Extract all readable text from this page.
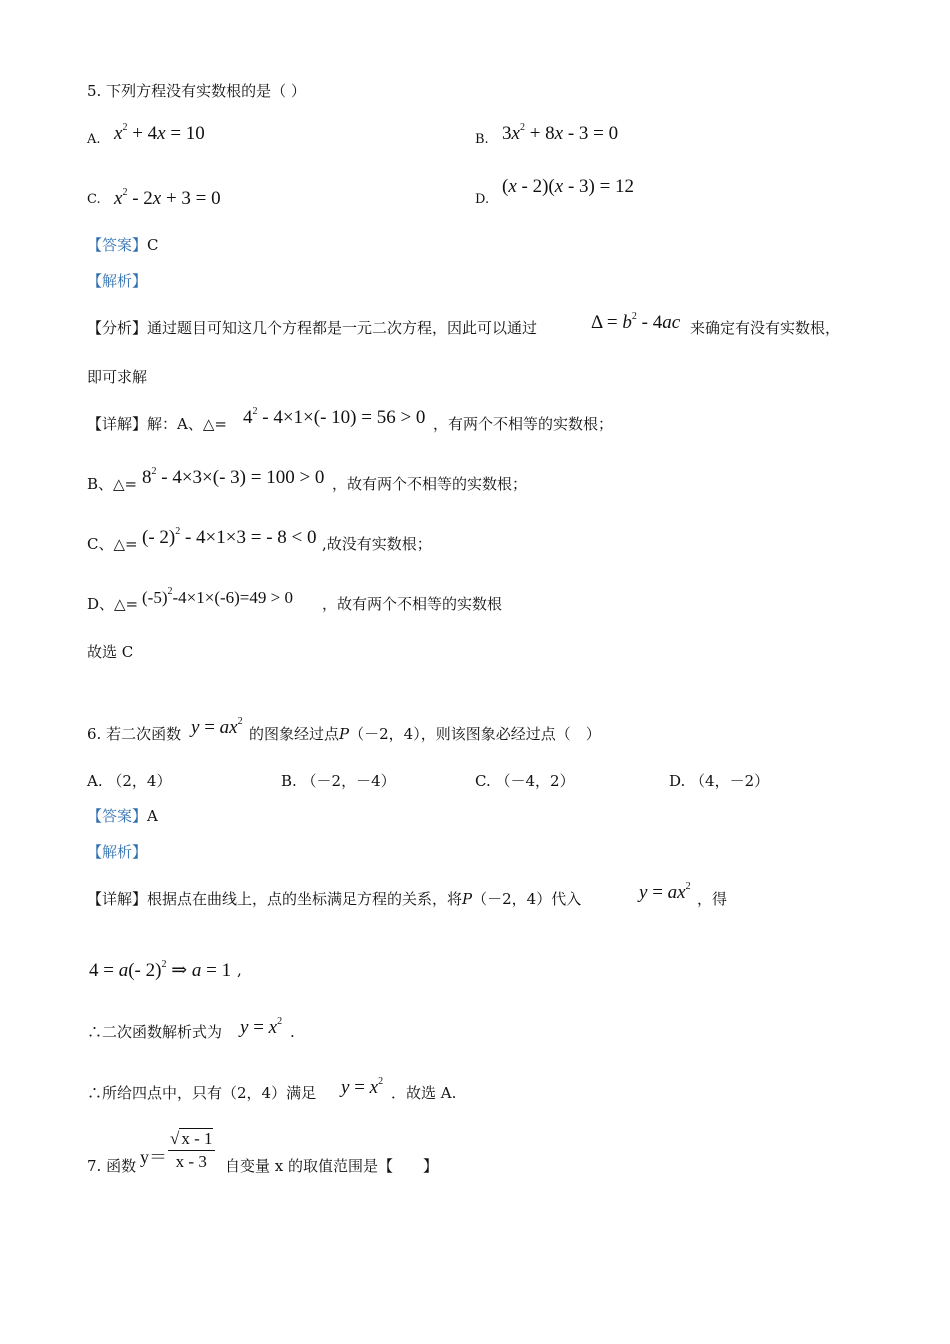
5. 下列方程没有实数根的是（ ）
A. $x^2 + 4x = 10$	B. $3x^2 + 8x - 3 = 0$
C. $x^2 - 2x + 3 = 0$	D.
(x - 2)(x - 3) = 12
【答案】C
【解析】
【分析】通过题目可知这几个方程都是一元二次方程，因此可以通过	$\Delta = b^2 - 4ac$ 来确定有没有实数根，
即可求解
【详解】解：A、△= $4^2 - 4\times 1\times(-$ 10) = 56 > 0 ，有两个不相等的实数根；
B、△= $8^2 - 4\times 3\times(-$ 3) = 100 > 0 ，故有两个不相等的实数根；
C、△= (- 2)$^2$ - 4×1×3 = - 8 < 0 ,故没有实数根；
D、△= $(-5)^2-4\times 1\times(-6)=49 > 0$ ，故有两个不相等的实数根
故选 C
6. 若二次函数 $y = ax^2$
的图象经过点P（－2，4），则该图象必经过点（　）
A. （2，4）	B. （－2，－4）	C. （－4，2）	D. （4，－2）
【答案】A
【解析】
【详解】根据点在曲线上，点的坐标满足方程的关系，将P（－2，4）代入	$y = ax^2$
，得
4 = a(- 2)$^2$ ⇒ a = 1 ,
∴二次函数解析式为 $y = x^2$
.
∴所给四点中，只有（2，4）满足 $y = x^2$
．故选 A.
7. 函数 $y= \frac{√ x - 1}{x - 3}$ 自变量 x 的取值范围是【　　】
